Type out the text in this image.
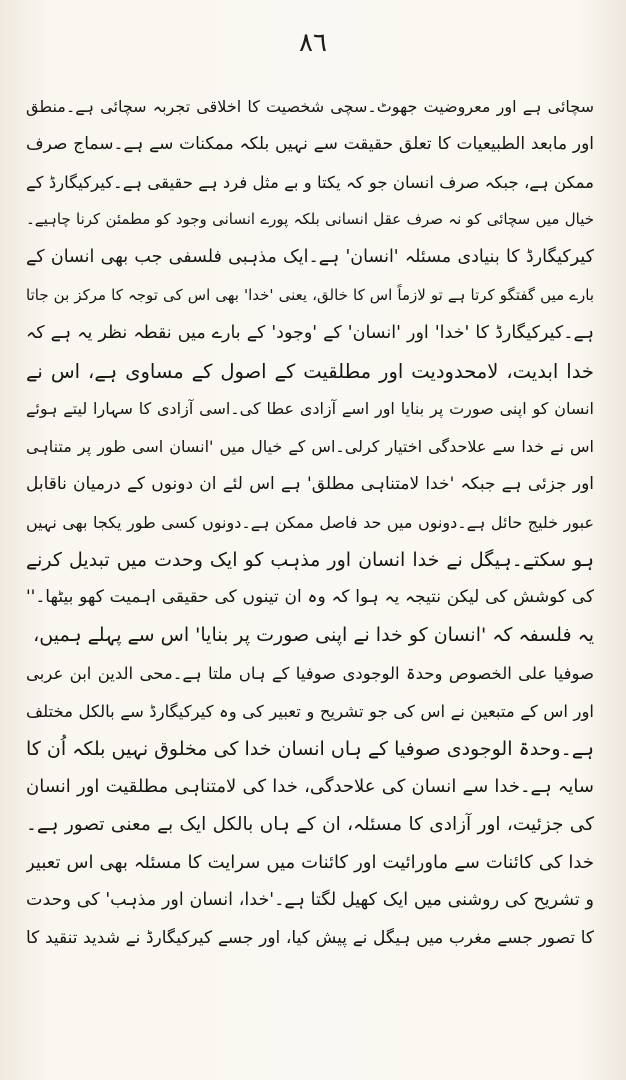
۸٦
سچائی ہے اور معروضیت جھوٹ۔سچی شخصیت کا اخلاقی تجربہ سچائی ہے۔منطق
اور مابعد الطبیعیات کا تعلق حقیقت سے نہیں بلکہ ممکنات سے ہے۔سماج صرف
ممکن ہے، جبکہ صرف انسان جو کہ یکتا و بے مثل فرد ہے حقیقی ہے۔کیرکیگارڈ کے
خیال میں سچائی کو نہ صرف عقل انسانی بلکہ پورے انسانی وجود کو مطمئن کرنا چاہیے۔
کیرکیگارڈ کا بنیادی مسئلہ 'انسان' ہے۔ایک مذہبی فلسفی جب بھی انسان کے
بارے میں گفتگو کرتا ہے تو لازماً اس کا خالق، یعنی 'خدا' بھی اس کی توجہ کا مرکز بن جاتا
ہے۔کیرکیگارڈ کا 'خدا' اور 'انسان' کے 'وجود' کے بارے میں نقطہ نظر یہ ہے کہ
خدا ابدیت، لامحدودیت اور مطلقیت کے اصول کے مساوی ہے، اس نے
انسان کو اپنی صورت پر بنایا اور اسے آزادی عطا کی۔اسی آزادی کا سہارا لیتے ہوئے
اس نے خدا سے علاحدگی اختیار کرلی۔اس کے خیال میں 'انسان اسی طور پر متناہی
اور جزئی ہے جبکہ 'خدا لامتناہی مطلق' ہے اس لئے ان دونوں کے درمیان ناقابل
عبور خلیج حائل ہے۔دونوں میں حد فاصل ممکن ہے۔دونوں کسی طور یکجا بھی نہیں
ہو سکتے۔ہیگل نے خدا انسان اور مذہب کو ایک وحدت میں تبدیل کرنے
کی کوشش کی لیکن نتیجہ یہ ہوا کہ وہ ان تینوں کی حقیقی اہمیت کھو بیٹھا۔''
یہ فلسفہ کہ 'انسان کو خدا نے اپنی صورت پر بنایا' اس سے پہلے ہمیں،
صوفیا علی الخصوص وحدۃ الوجودی صوفیا کے ہاں ملتا ہے۔محی الدین ابن عربی
اور اس کے متبعین نے اس کی جو تشریح و تعبیر کی وہ کیرکیگارڈ سے بالکل مختلف
ہے۔وحدۃ الوجودی صوفیا کے ہاں انسان خدا کی مخلوق نہیں بلکہ اُن کا
سایہ ہے۔خدا سے انسان کی علاحدگی، خدا کی لامتناہی مطلقیت اور انسان
کی جزئیت، اور آزادی کا مسئلہ، ان کے ہاں بالکل ایک بے معنی تصور ہے۔
خدا کی کائنات سے ماورائیت اور کائنات میں سرایت کا مسئلہ بھی اس تعبیر
و تشریح کی روشنی میں ایک کھیل لگتا ہے۔'خدا، انسان اور مذہب' کی وحدت
کا تصور جسے مغرب میں ہیگل نے پیش کیا، اور جسے کیرکیگارڈ نے شدید تنقید کا
